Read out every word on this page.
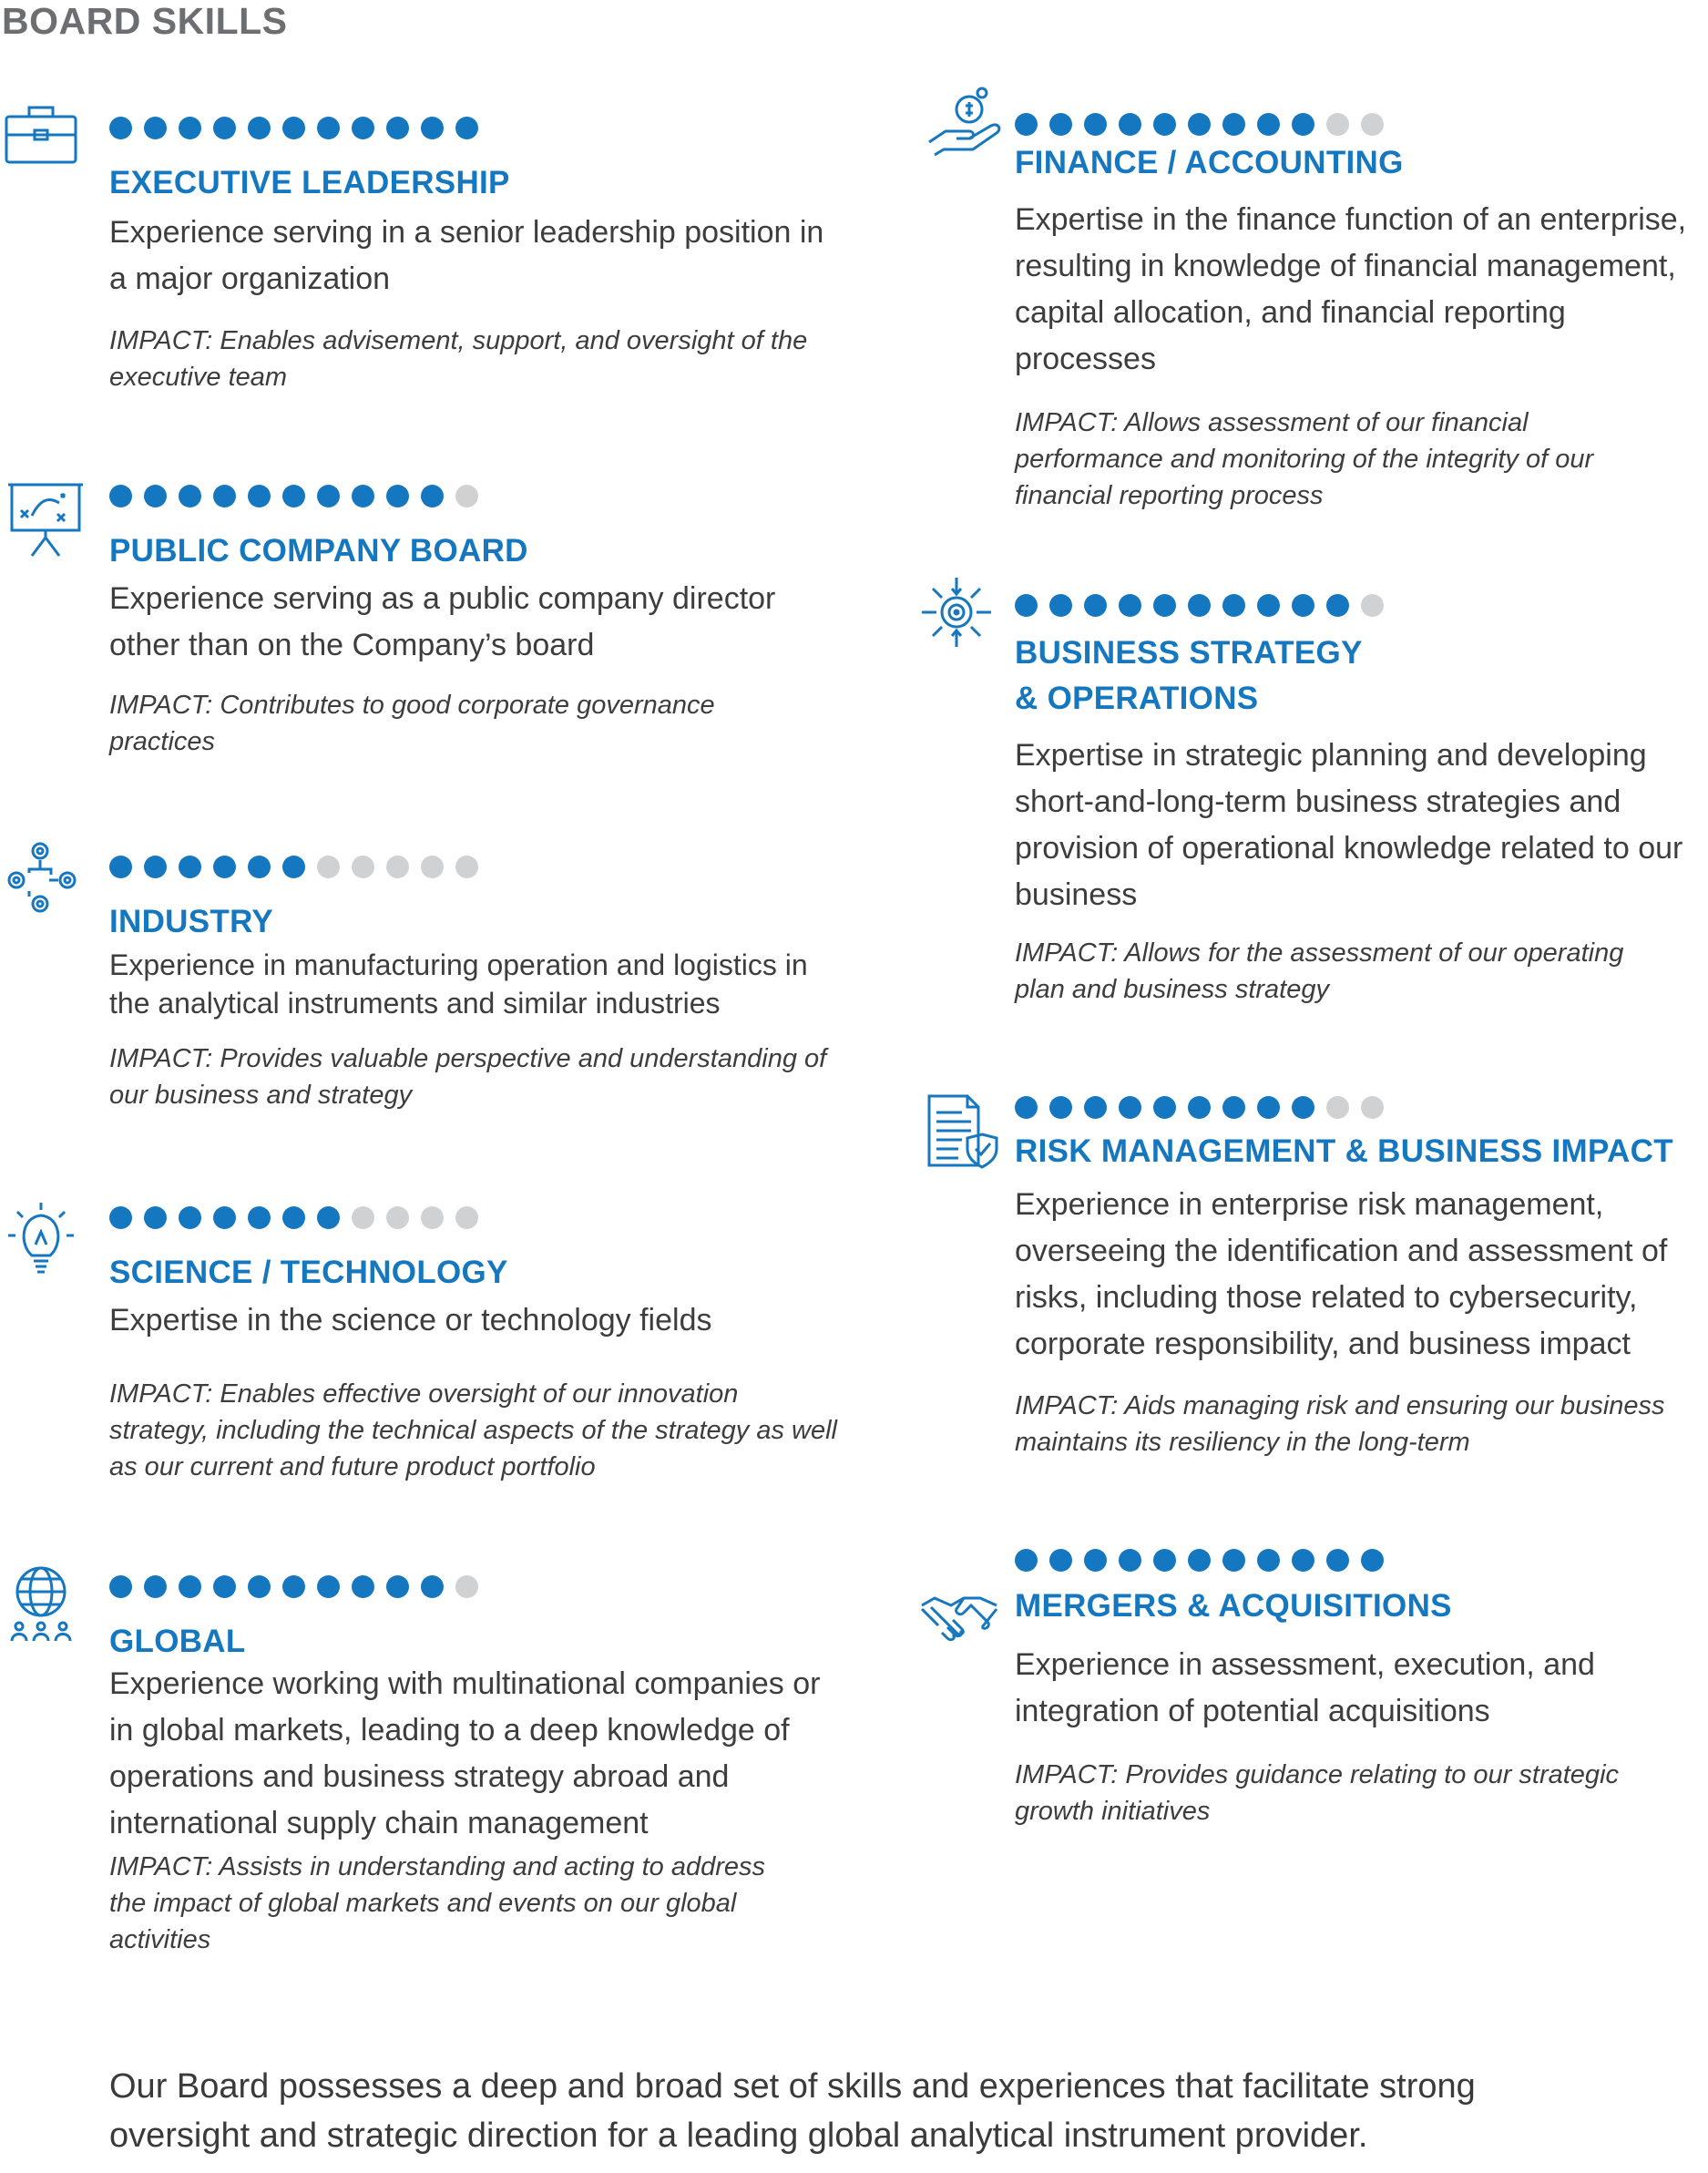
BOARD SKILLS
EXECUTIVE LEADERSHIP

Experience serving in a senior leadership position in a major organization

IMPACT: Enables advisement, support, and oversight of the executive team

PUBLIC COMPANY BOARD

Experience serving as a public company director other than on the Company’s board

IMPACT: Contributes to good corporate governance practices

INDUSTRY

Experience in manufacturing operation and logistics in the analytical instruments and similar industries

IMPACT: Provides valuable perspective and understanding of our business and strategy

SCIENCE / TECHNOLOGY

Expertise in the science or technology fields

IMPACT: Enables effective oversight of our innovation strategy, including the technical aspects of the strategy as well as our current and future product portfolio

GLOBAL

Experience working with multinational companies or in global markets, leading to a deep knowledge of operations and business strategy abroad and international supply chain management

IMPACT: Assists in understanding and acting to address the impact of global markets and events on our global activities

FINANCE / ACCOUNTING

Expertise in the finance function of an enterprise, resulting in knowledge of financial management, capital allocation, and financial reporting processes

IMPACT: Allows assessment of our financial performance and monitoring of the integrity of our financial reporting process

BUSINESS STRATEGY
& OPERATIONS

Expertise in strategic planning and developing short-and-long-term business strategies and provision of operational knowledge related to our business

IMPACT: Allows for the assessment of our operating plan and business strategy

RISK MANAGEMENT & BUSINESS IMPACT

Experience in enterprise risk management, overseeing the identification and assessment of risks, including those related to cybersecurity, corporate responsibility, and business impact

IMPACT: Aids managing risk and ensuring our business maintains its resiliency in the long-term

MERGERS & ACQUISITIONS

Experience in assessment, execution, and integration of potential acquisitions

IMPACT: Provides guidance relating to our strategic growth initiatives

Our Board possesses a deep and broad set of skills and experiences that facilitate strong oversight and strategic direction for a leading global analytical instrument provider.
